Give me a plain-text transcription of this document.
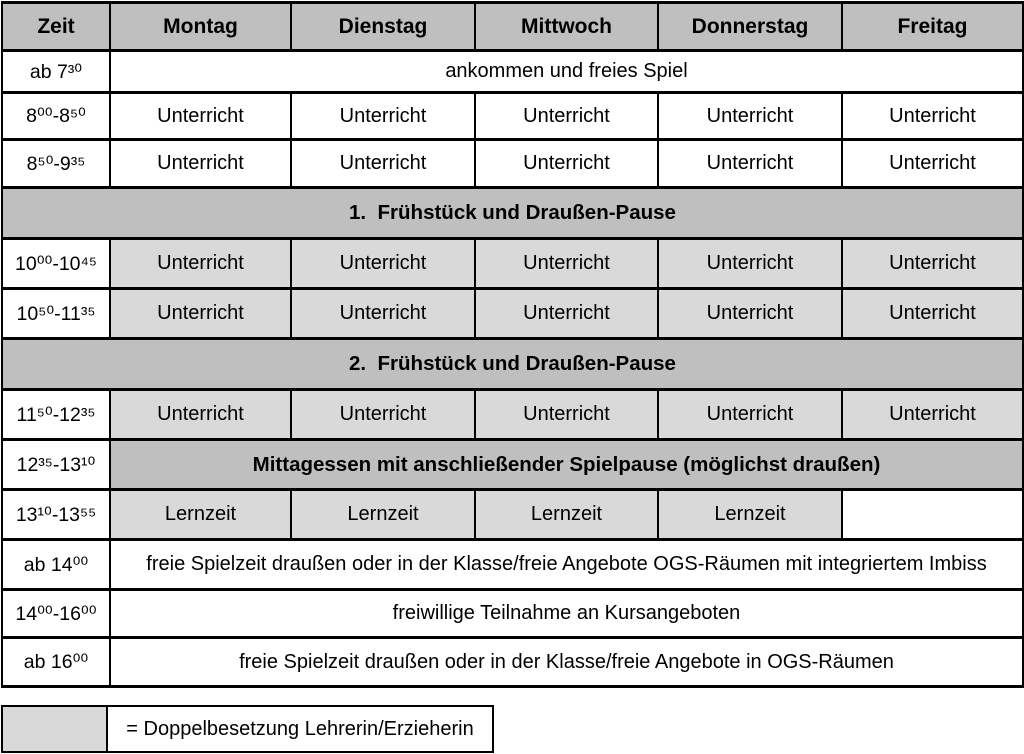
Zeit	Montag	Dienstag	Mittwoch	Donnerstag	Freitag
ab 7³⁰	ankommen und freies Spiel				
8⁰⁰-8⁵⁰	Unterricht	Unterricht	Unterricht	Unterricht	Unterricht
8⁵⁰-9³⁵	Unterricht	Unterricht	Unterricht	Unterricht	Unterricht
1.  Frühstück und Draußen-Pause					
10⁰⁰-10⁴⁵	Unterricht	Unterricht	Unterricht	Unterricht	Unterricht
10⁵⁰-11³⁵	Unterricht	Unterricht	Unterricht	Unterricht	Unterricht
2.  Frühstück und Draußen-Pause					
11⁵⁰-12³⁵	Unterricht	Unterricht	Unterricht	Unterricht	Unterricht
12³⁵-13¹⁰	Mittagessen mit anschließender Spielpause (möglichst draußen)				
13¹⁰-13⁵⁵	Lernzeit	Lernzeit	Lernzeit	Lernzeit	
ab 14⁰⁰	freie Spielzeit draußen oder in der Klasse/freie Angebote OGS-Räumen mit integriertem Imbiss				
14⁰⁰-16⁰⁰	freiwillige Teilnahme an Kursangeboten				
ab 16⁰⁰	freie Spielzeit draußen oder in der Klasse/freie Angebote in OGS-Räumen				
= Doppelbesetzung Lehrerin/Erzieherin
